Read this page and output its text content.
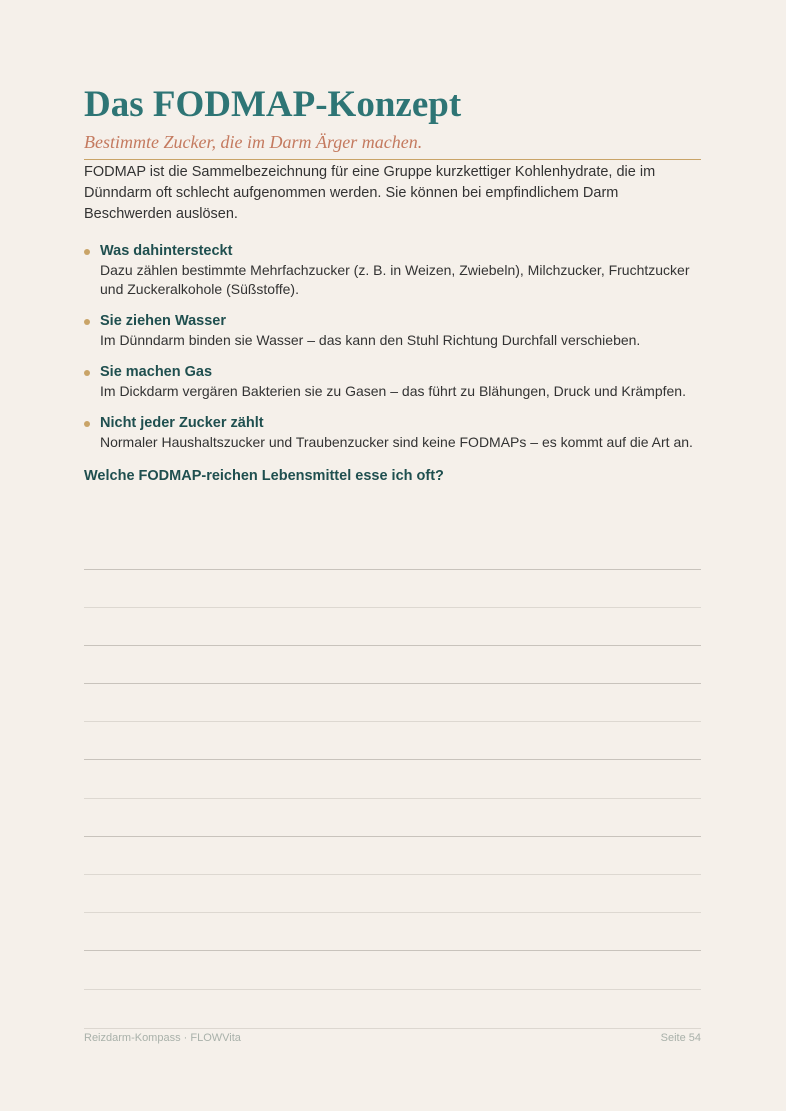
Das FODMAP-Konzept
Bestimmte Zucker, die im Darm Ärger machen.

FODMAP ist die Sammelbezeichnung für eine Gruppe kurzkettiger Kohlenhydrate, die im Dünndarm oft schlecht aufgenommen werden. Sie können bei empfindlichem Darm Beschwerden auslösen.

Was dahintersteckt
Dazu zählen bestimmte Mehrfachzucker (z. B. in Weizen, Zwiebeln), Milchzucker, Fruchtzucker und Zuckeralkohole (Süßstoffe).
Sie ziehen Wasser
Im Dünndarm binden sie Wasser – das kann den Stuhl Richtung Durchfall verschieben.
Sie machen Gas
Im Dickdarm vergären Bakterien sie zu Gasen – das führt zu Blähungen, Druck und Krämpfen.
Nicht jeder Zucker zählt
Normaler Haushaltszucker und Traubenzucker sind keine FODMAPs – es kommt auf die Art an.
Welche FODMAP-reichen Lebensmittel esse ich oft?
Reizdarm-Kompass · FLOWVita	Seite 54
